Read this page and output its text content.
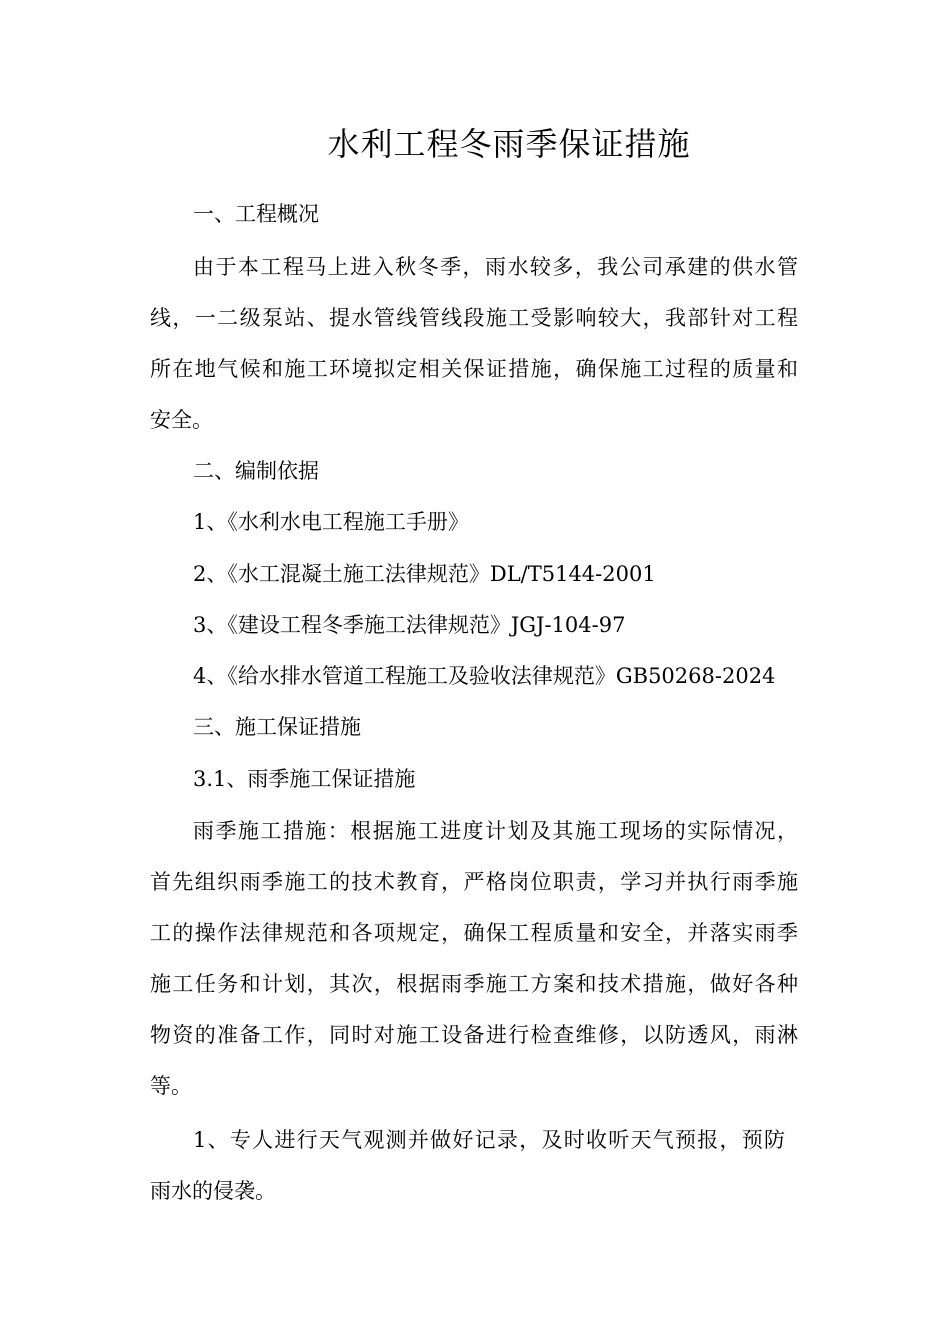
水利工程冬雨季保证措施
一、工程概况
由于本工程马上进入秋冬季，雨水较多，我公司承建的供水管
线，一二级泵站、提水管线管线段施工受影响较大，我部针对工程
所在地气候和施工环境拟定相关保证措施，确保施工过程的质量和
安全。
二、编制依据
1、《水利水电工程施工手册》
2、《水工混凝土施工法律规范》DL/T5144-2001
3、《建设工程冬季施工法律规范》JGJ-104-97
4、《给水排水管道工程施工及验收法律规范》GB50268-2024
三、施工保证措施
3.1、雨季施工保证措施
雨季施工措施：根据施工进度计划及其施工现场的实际情况，
首先组织雨季施工的技术教育，严格岗位职责，学习并执行雨季施
工的操作法律规范和各项规定，确保工程质量和安全，并落实雨季
施工任务和计划，其次，根据雨季施工方案和技术措施，做好各种
物资的准备工作，同时对施工设备进行检查维修，以防透风，雨淋
等。
1、专人进行天气观测并做好记录，及时收听天气预报，预防
雨水的侵袭。
